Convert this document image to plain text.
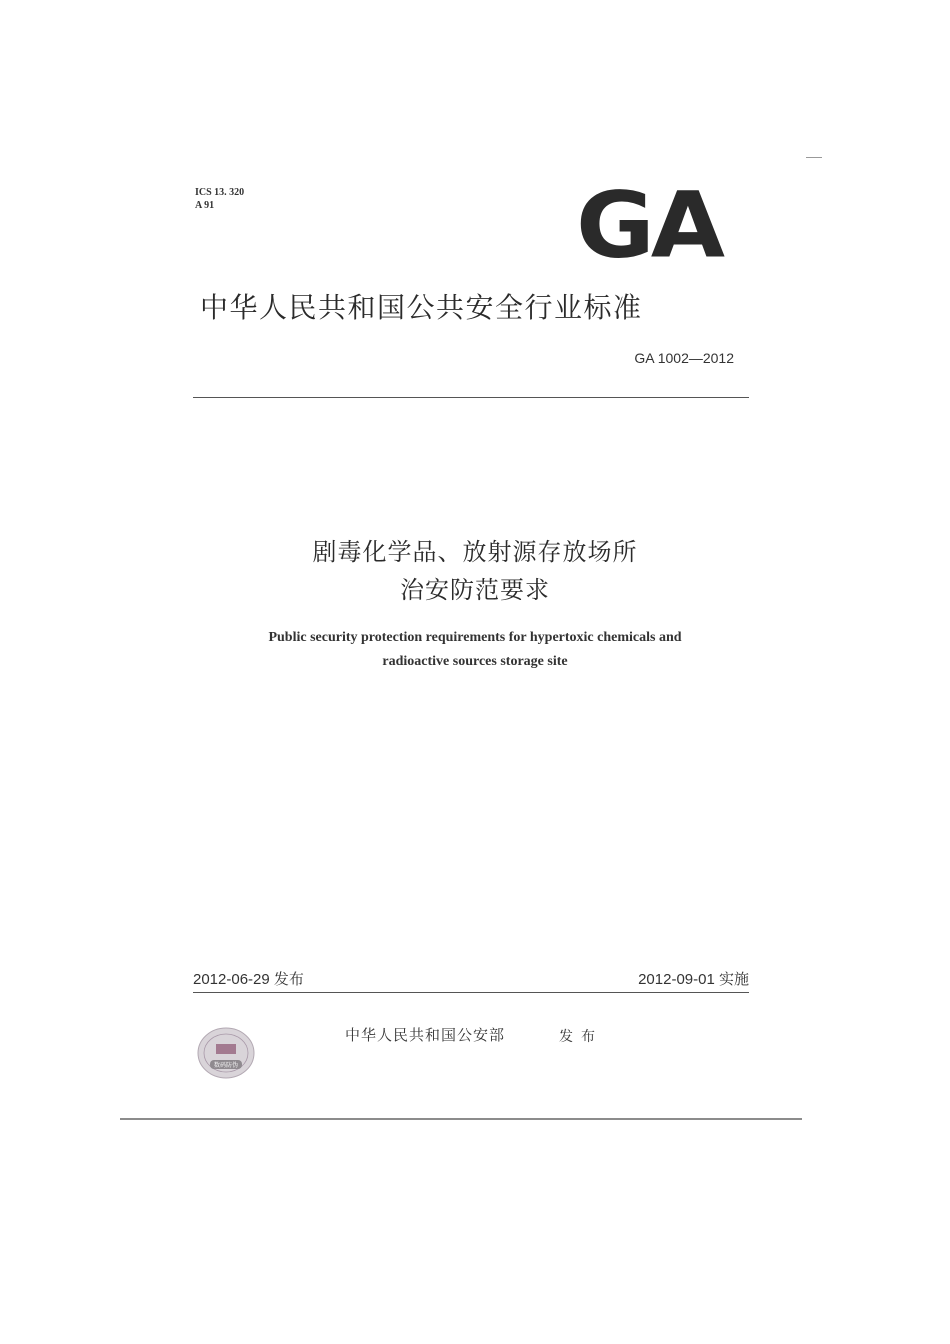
ICS 13. 320
A 91	GA
中华人民共和国公共安全行业标准
GA 1002—2012
剧毒化学品、放射源存放场所
治安防范要求
Public security protection requirements for hypertoxic chemicals and
radioactive sources storage site
2012-06-29 发布	2012-09-01 实施
数码防伪
中华人民共和国公安部	发布
